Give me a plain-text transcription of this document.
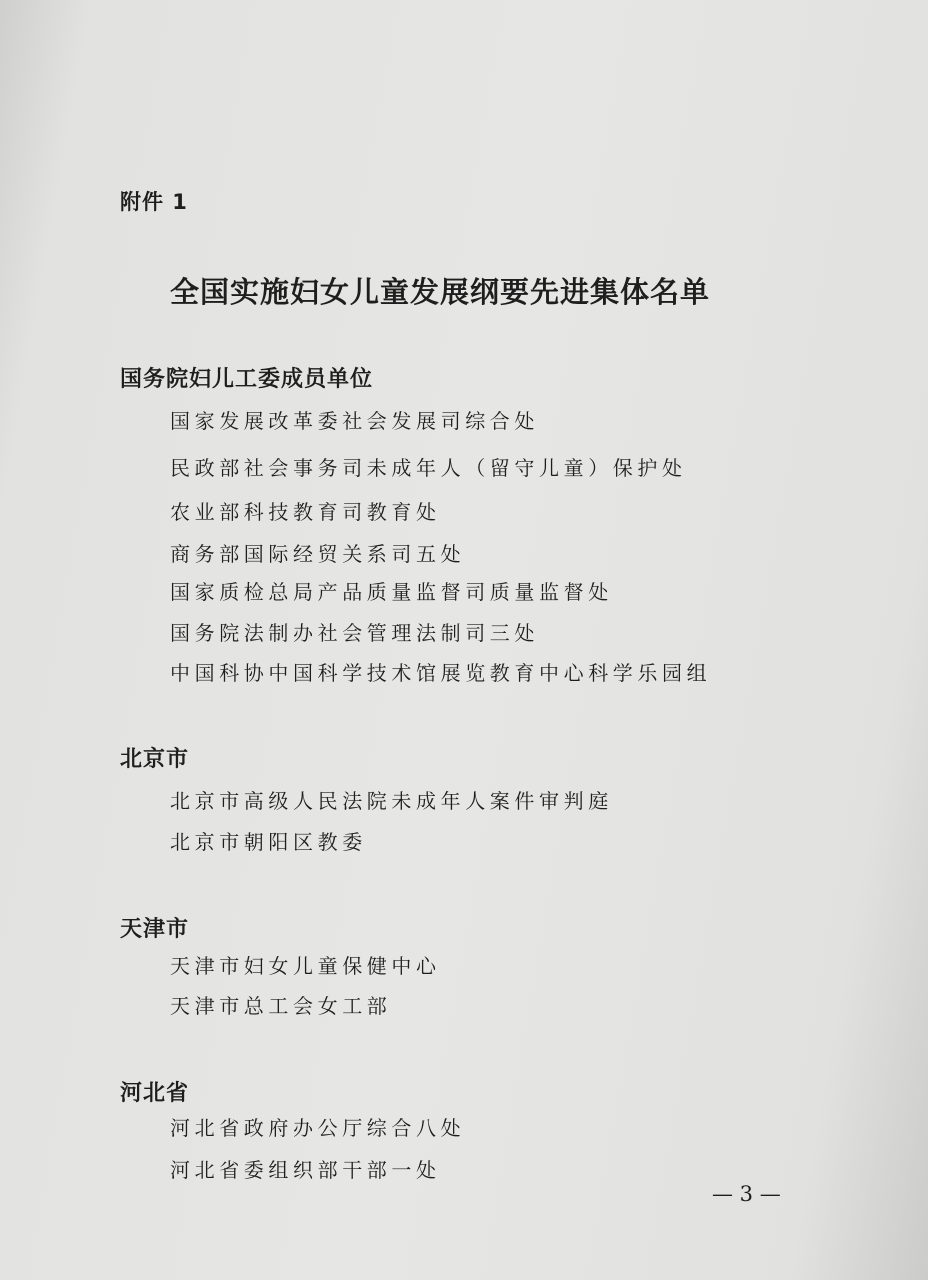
附件 1
全国实施妇女儿童发展纲要先进集体名单
国务院妇儿工委成员单位
国家发展改革委社会发展司综合处
民政部社会事务司未成年人（留守儿童）保护处
农业部科技教育司教育处
商务部国际经贸关系司五处
国家质检总局产品质量监督司质量监督处
国务院法制办社会管理法制司三处
中国科协中国科学技术馆展览教育中心科学乐园组
北京市
北京市高级人民法院未成年人案件审判庭
北京市朝阳区教委
天津市
天津市妇女儿童保健中心
天津市总工会女工部
河北省
河北省政府办公厅综合八处
河北省委组织部干部一处
— 3 —
